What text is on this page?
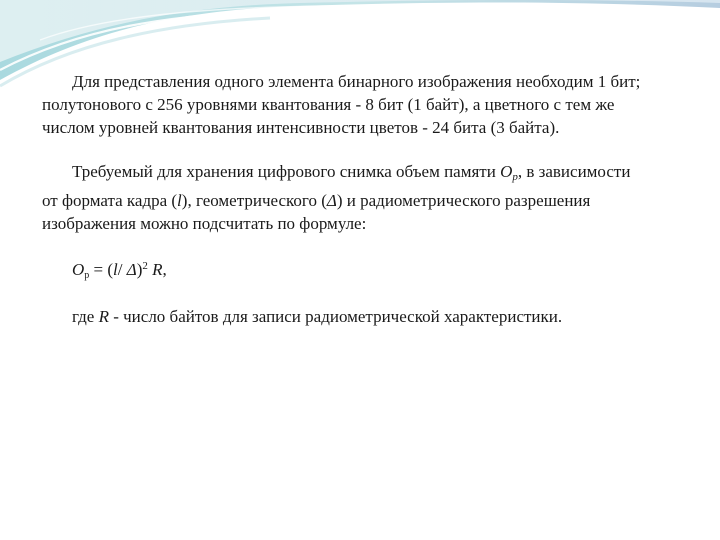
Для представления одного элемента бинарного изображения необходим 1 бит; полутонового с 256 уровнями квантования - 8 бит (1 байт), а цветного с тем же числом уровней квантования интенсивности цветов - 24 бита (3 байта).

Требуемый для хранения цифрового снимка объем памяти $O_p$, в зависимости от формата кадра (l), геометрического (Δ) и радиометрического разрешения изображения можно подсчитать по формуле:

Op = (l/ Δ)$^2$ R,

где R - число байтов для записи радиометрической характеристики.
